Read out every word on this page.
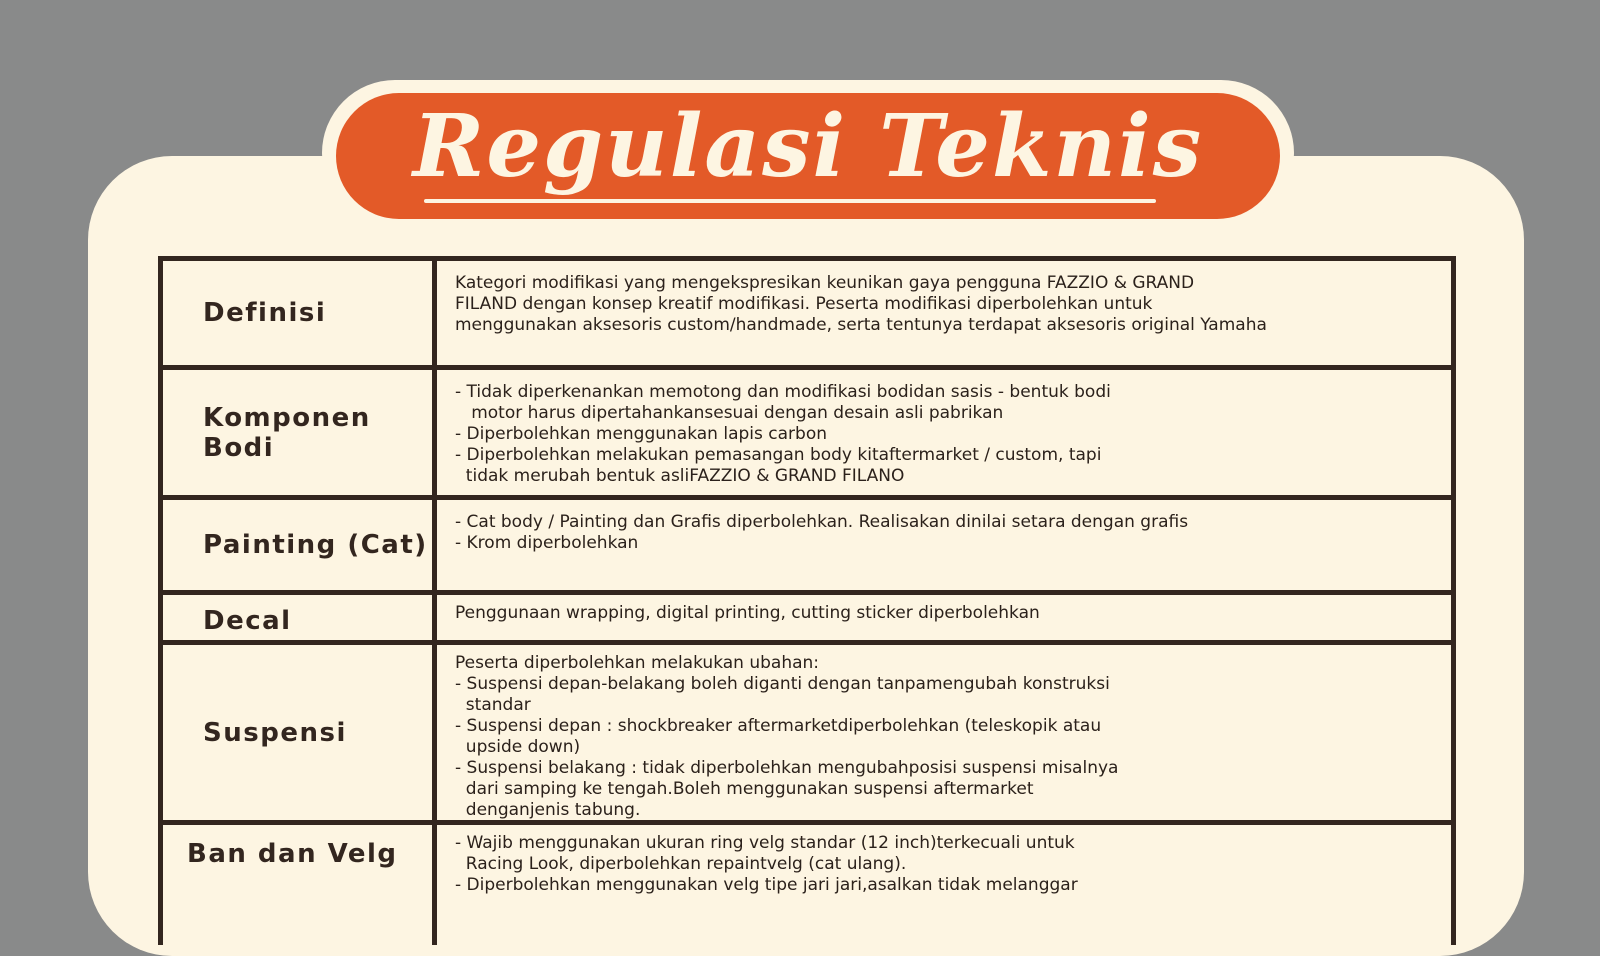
Regulasi Teknis
Definisi
Kategori modifikasi yang mengekspresikan keunikan gaya pengguna FAZZIO & GRAND
FILAND dengan konsep kreatif modifikasi. Peserta modifikasi diperbolehkan untuk
menggunakan aksesoris custom/handmade, serta tentunya terdapat aksesoris original Yamaha
Komponen Bodi
- Tidak diperkenankan memotong dan modifikasi bodidan sasis - bentuk bodi
motor harus dipertahankansesuai dengan desain asli pabrikan
- Diperbolehkan menggunakan lapis carbon
- Diperbolehkan melakukan pemasangan body kitaftermarket / custom, tapi
tidak merubah bentuk asliFAZZIO & GRAND FILANO
Painting (Cat)
- Cat body / Painting dan Grafis diperbolehkan. Realisakan dinilai setara dengan grafis
- Krom diperbolehkan
Decal	Penggunaan wrapping, digital printing, cutting sticker diperbolehkan
Suspensi
Peserta diperbolehkan melakukan ubahan:
- Suspensi depan-belakang boleh diganti dengan tanpamengubah konstruksi
standar
- Suspensi depan : shockbreaker aftermarketdiperbolehkan (teleskopik atau
upside down)
- Suspensi belakang : tidak diperbolehkan mengubahposisi suspensi misalnya
dari samping ke tengah.Boleh menggunakan suspensi aftermarket
denganjenis tabung.
Ban dan Velg	- Wajib menggunakan ukuran ring velg standar (12 inch)terkecuali untuk
Racing Look, diperbolehkan repaintvelg (cat ulang).
- Diperbolehkan menggunakan velg tipe jari jari,asalkan tidak melanggar
